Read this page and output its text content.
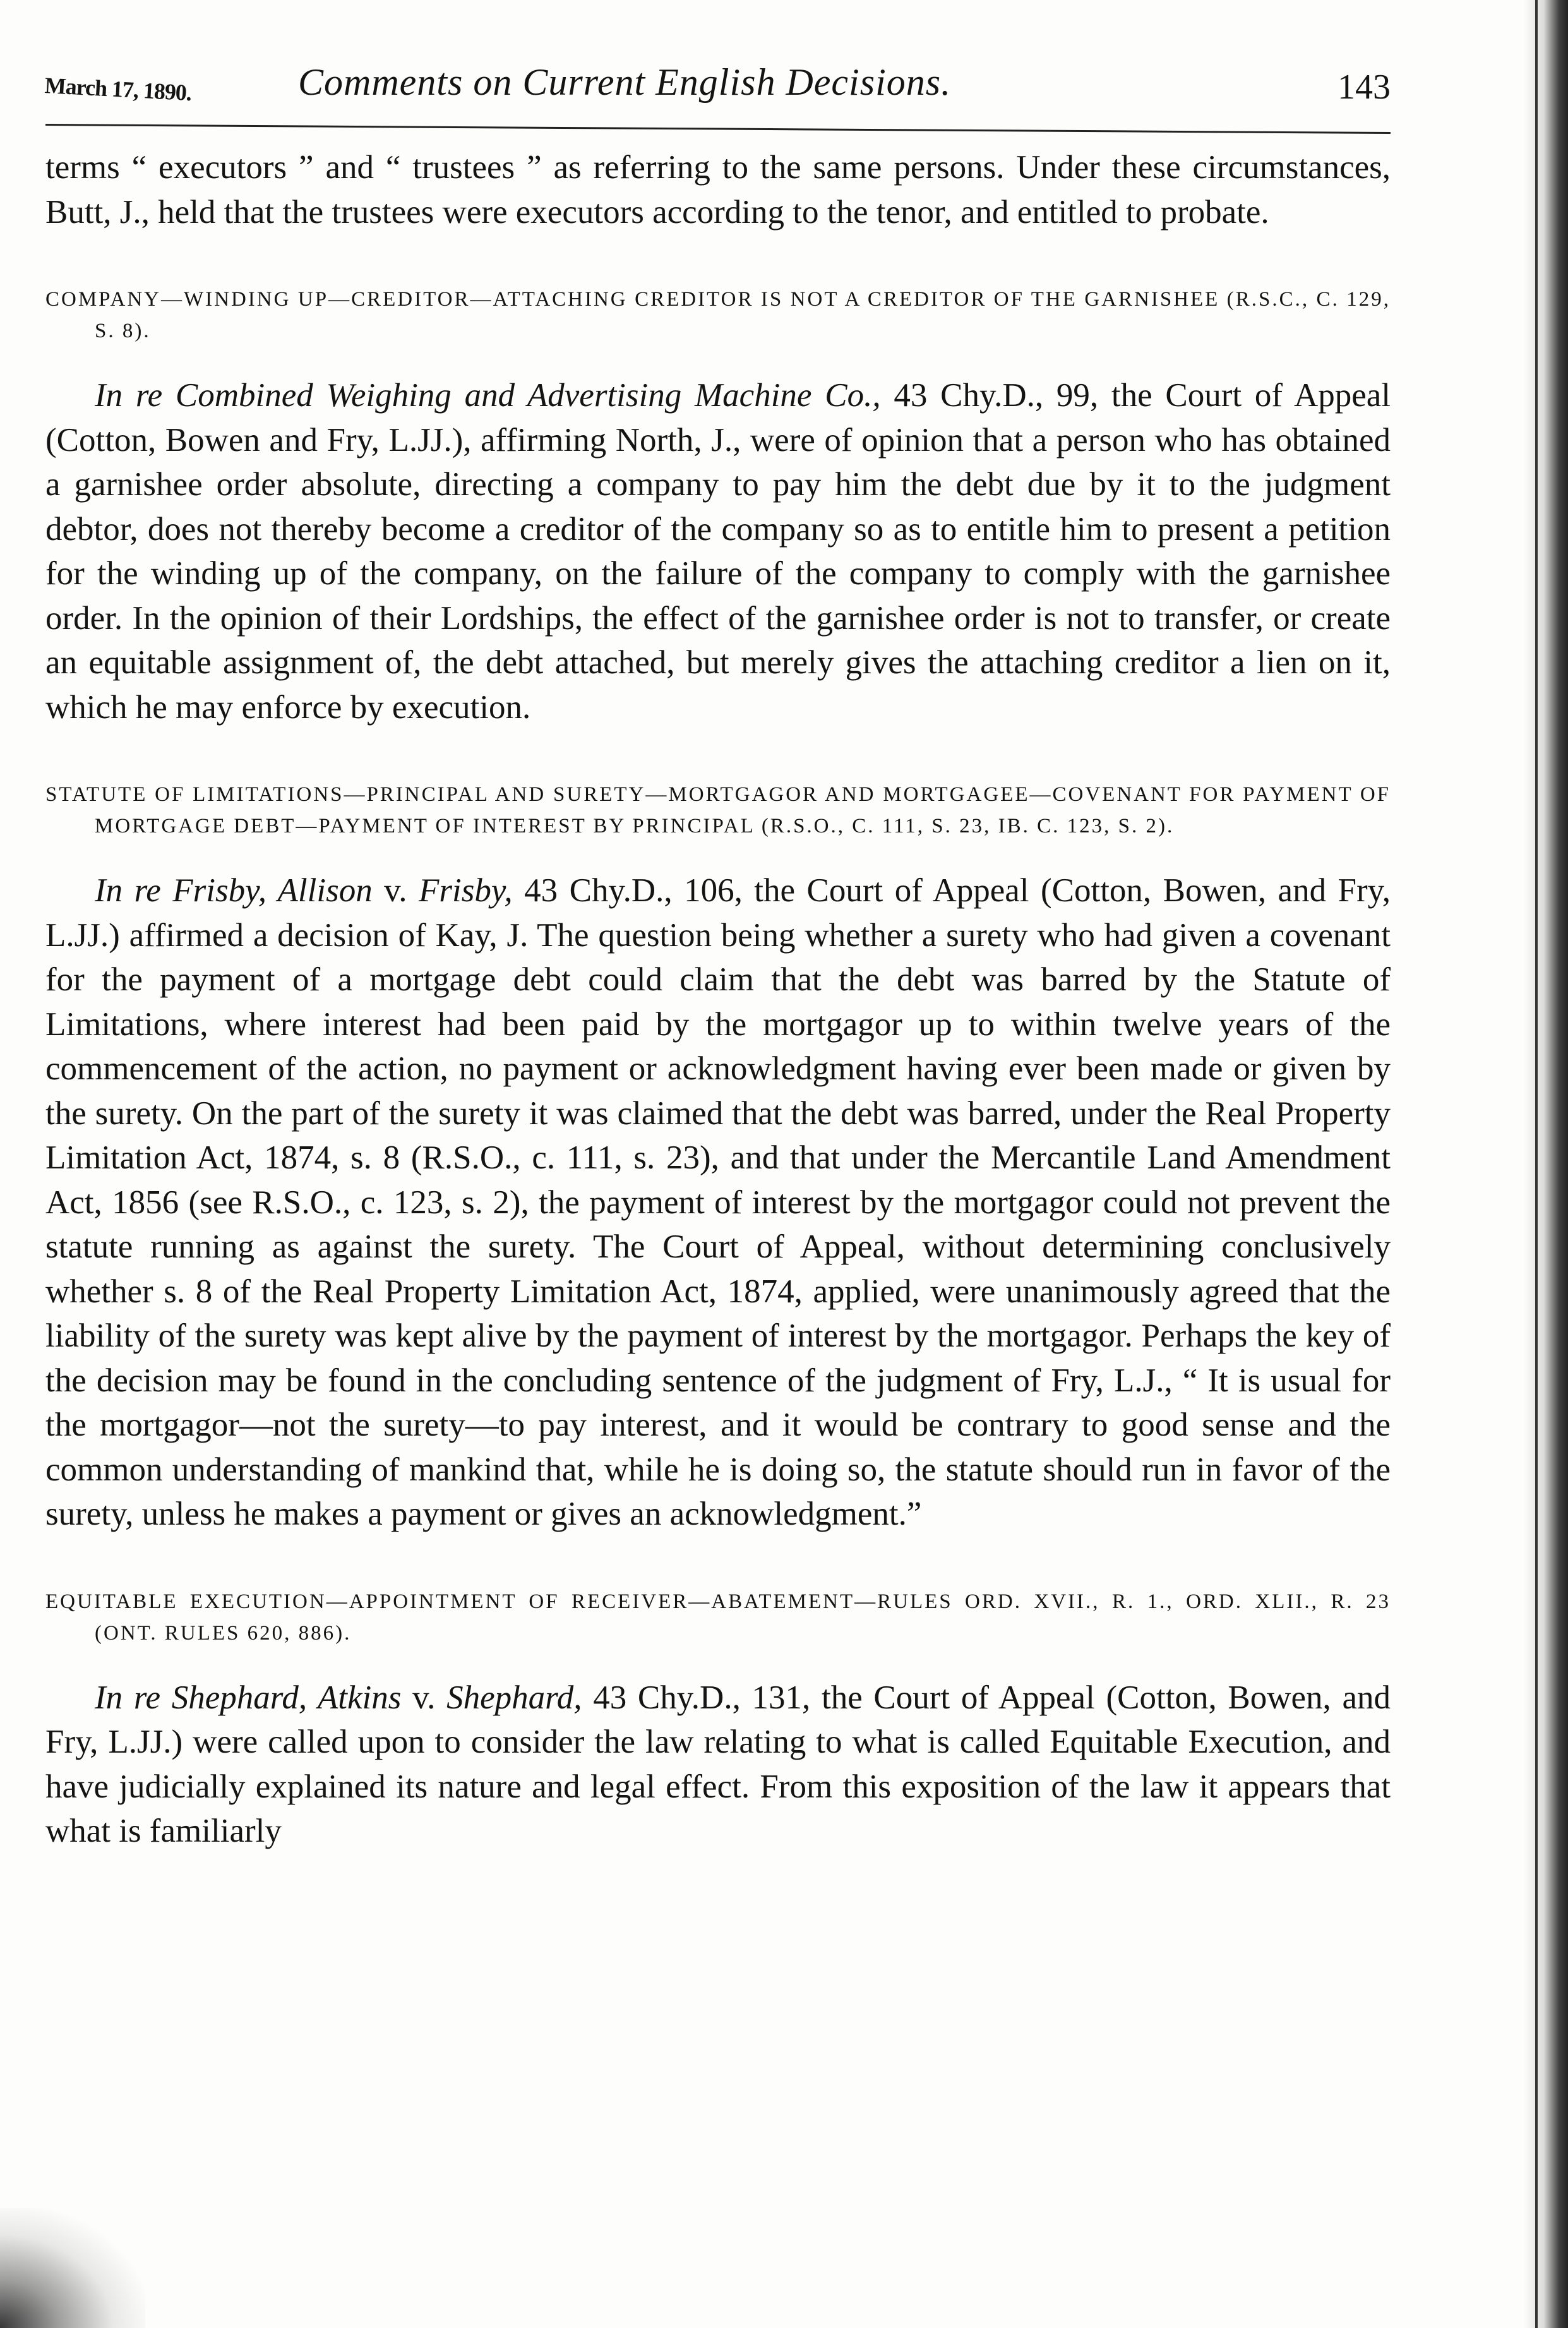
March 17, 1890.	Comments on Current English Decisions.	143

terms “ executors ” and “ trustees ” as referring to the same persons. Under these circumstances, Butt, J., held that the trustees were executors according to the tenor, and entitled to probate.

COMPANY—WINDING UP—CREDITOR—ATTACHING CREDITOR IS NOT A CREDITOR OF THE GARNISHEE (R.S.C., C. 129, S. 8).

In re Combined Weighing and Advertising Machine Co., 43 Chy.D., 99, the Court of Appeal (Cotton, Bowen and Fry, L.JJ.), affirming North, J., were of opinion that a person who has obtained a garnishee order absolute, directing a company to pay him the debt due by it to the judgment debtor, does not thereby become a creditor of the company so as to entitle him to present a petition for the winding up of the company, on the failure of the company to comply with the garnishee order. In the opinion of their Lordships, the effect of the garnishee order is not to transfer, or create an equitable assignment of, the debt attached, but merely gives the attaching creditor a lien on it, which he may enforce by execution.

STATUTE OF LIMITATIONS—PRINCIPAL AND SURETY—MORTGAGOR AND MORTGAGEE—COVENANT FOR PAYMENT OF MORTGAGE DEBT—PAYMENT OF INTEREST BY PRINCIPAL (R.S.O., C. 111, S. 23, IB. C. 123, S. 2).

In re Frisby, Allison v. Frisby, 43 Chy.D., 106, the Court of Appeal (Cotton, Bowen, and Fry, L.JJ.) affirmed a decision of Kay, J. The question being whether a surety who had given a covenant for the payment of a mortgage debt could claim that the debt was barred by the Statute of Limitations, where interest had been paid by the mortgagor up to within twelve years of the commencement of the action, no payment or acknowledgment having ever been made or given by the surety. On the part of the surety it was claimed that the debt was barred, under the Real Property Limitation Act, 1874, s. 8 (R.S.O., c. 111, s. 23), and that under the Mercantile Land Amendment Act, 1856 (see R.S.O., c. 123, s. 2), the payment of interest by the mortgagor could not prevent the statute running as against the surety. The Court of Appeal, without determining conclusively whether s. 8 of the Real Property Limitation Act, 1874, applied, were unanimously agreed that the liability of the surety was kept alive by the payment of interest by the mortgagor. Perhaps the key of the decision may be found in the concluding sentence of the judgment of Fry, L.J., “ It is usual for the mortgagor—not the surety—to pay interest, and it would be contrary to good sense and the common understanding of mankind that, while he is doing so, the statute should run in favor of the surety, unless he makes a payment or gives an acknowledgment.”

EQUITABLE EXECUTION—APPOINTMENT OF RECEIVER—ABATEMENT—RULES ORD. XVII., R. 1., ORD. XLII., R. 23 (ONT. RULES 620, 886).

In re Shephard, Atkins v. Shephard, 43 Chy.D., 131, the Court of Appeal (Cotton, Bowen, and Fry, L.JJ.) were called upon to consider the law relating to what is called Equitable Execution, and have judicially explained its nature and legal effect. From this exposition of the law it appears that what is familiarly
